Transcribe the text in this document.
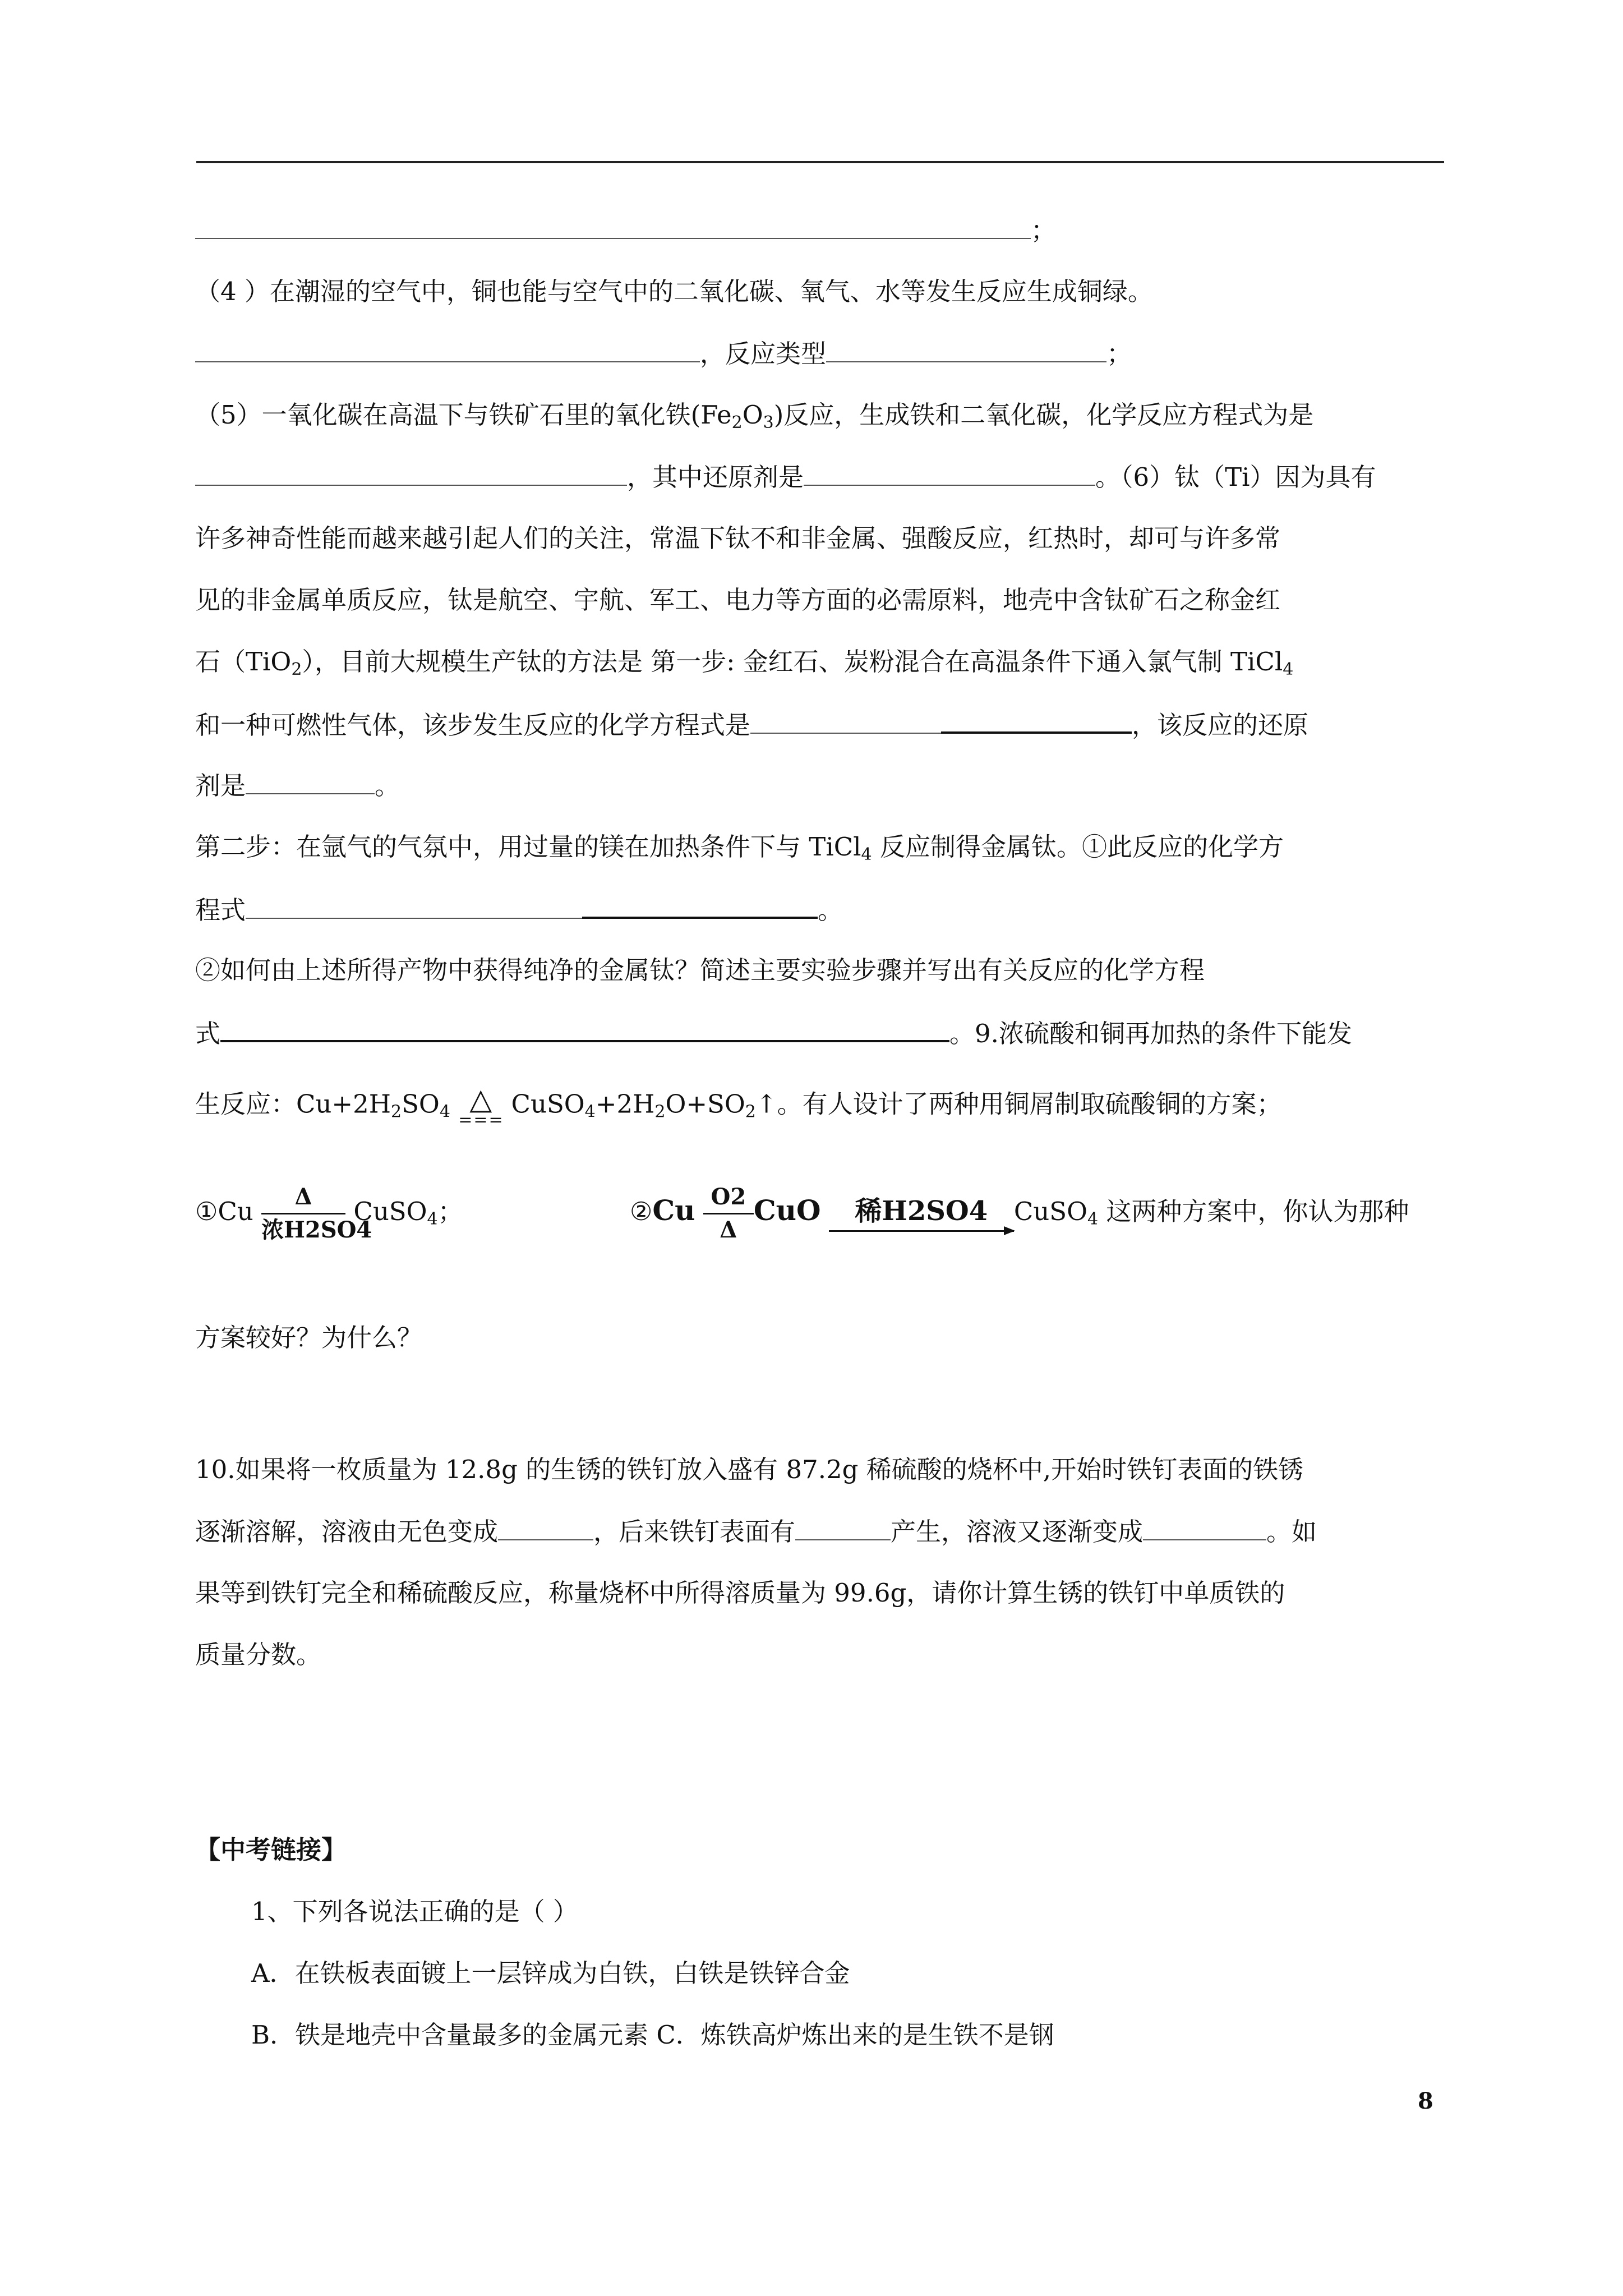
；
（4 ）在潮湿的空气中，铜也能与空气中的二氧化碳、氧气、水等发生反应生成铜绿。
，反应类型	；
（5）一氧化碳在高温下与铁矿石里的氧化铁$(Fe_2O_3)$反应，生成铁和二氧化碳，化学反应方程式为是
，其中还原剂是	。（6）钛（Ti）因为具有
许多神奇性能而越来越引起人们的关注，常温下钛不和非金属、强酸反应，红热时，却可与许多常
见的非金属单质反应，钛是航空、宇航、军工、电力等方面的必需原料，地壳中含钛矿石之称金红
石（TiO$_2$），目前大规模生产钛的方法是 第一步: 金红石、炭粉混合在高温条件下通入氯气制 TiCl$_4$
和一种可燃性气体，该步发生反应的化学方程式是	，该反应的还原
剂是	。
第二步：在氩气的气氛中，用过量的镁在加热条件下与 TiCl$_4$ 反应制得金属钛。①此反应的化学方
程式	。
②如何由上述所得产物中获得纯净的金属钛？简述主要实验步骤并写出有关反应的化学方程
式	。9.浓硫酸和铜再加热的条件下能发
生反应：$Cu+2H_2SO_4$ △
===
$CuSO_4+2H_2O+SO_2↑$。有人设计了两种用铜屑制取硫酸铜的方案；
①Cu	Δ
浓H2SO4
CuSO$_4$；	②Cu $\frac{O2}{\Delta}$ CuO	稀H2SO4	CuSO$_4$ 这两种方案中，你认为那种
方案较好？为什么？
10.如果将一枚质量为 12.8g 的生锈的铁钉放入盛有 87.2g 稀硫酸的烧杯中,开始时铁钉表面的铁锈
逐渐溶解，溶液由无色变成	，后来铁钉表面有	产生，溶液又逐渐变成	。如
果等到铁钉完全和稀硫酸反应，称量烧杯中所得溶质量为 99.6g，请你计算生锈的铁钉中单质铁的
质量分数。
【中考链接】
1、下列各说法正确的是（ ）
A．在铁板表面镀上一层锌成为白铁，白铁是铁锌合金
B．铁是地壳中含量最多的金属元素 C．炼铁高炉炼出来的是生铁不是钢
8
